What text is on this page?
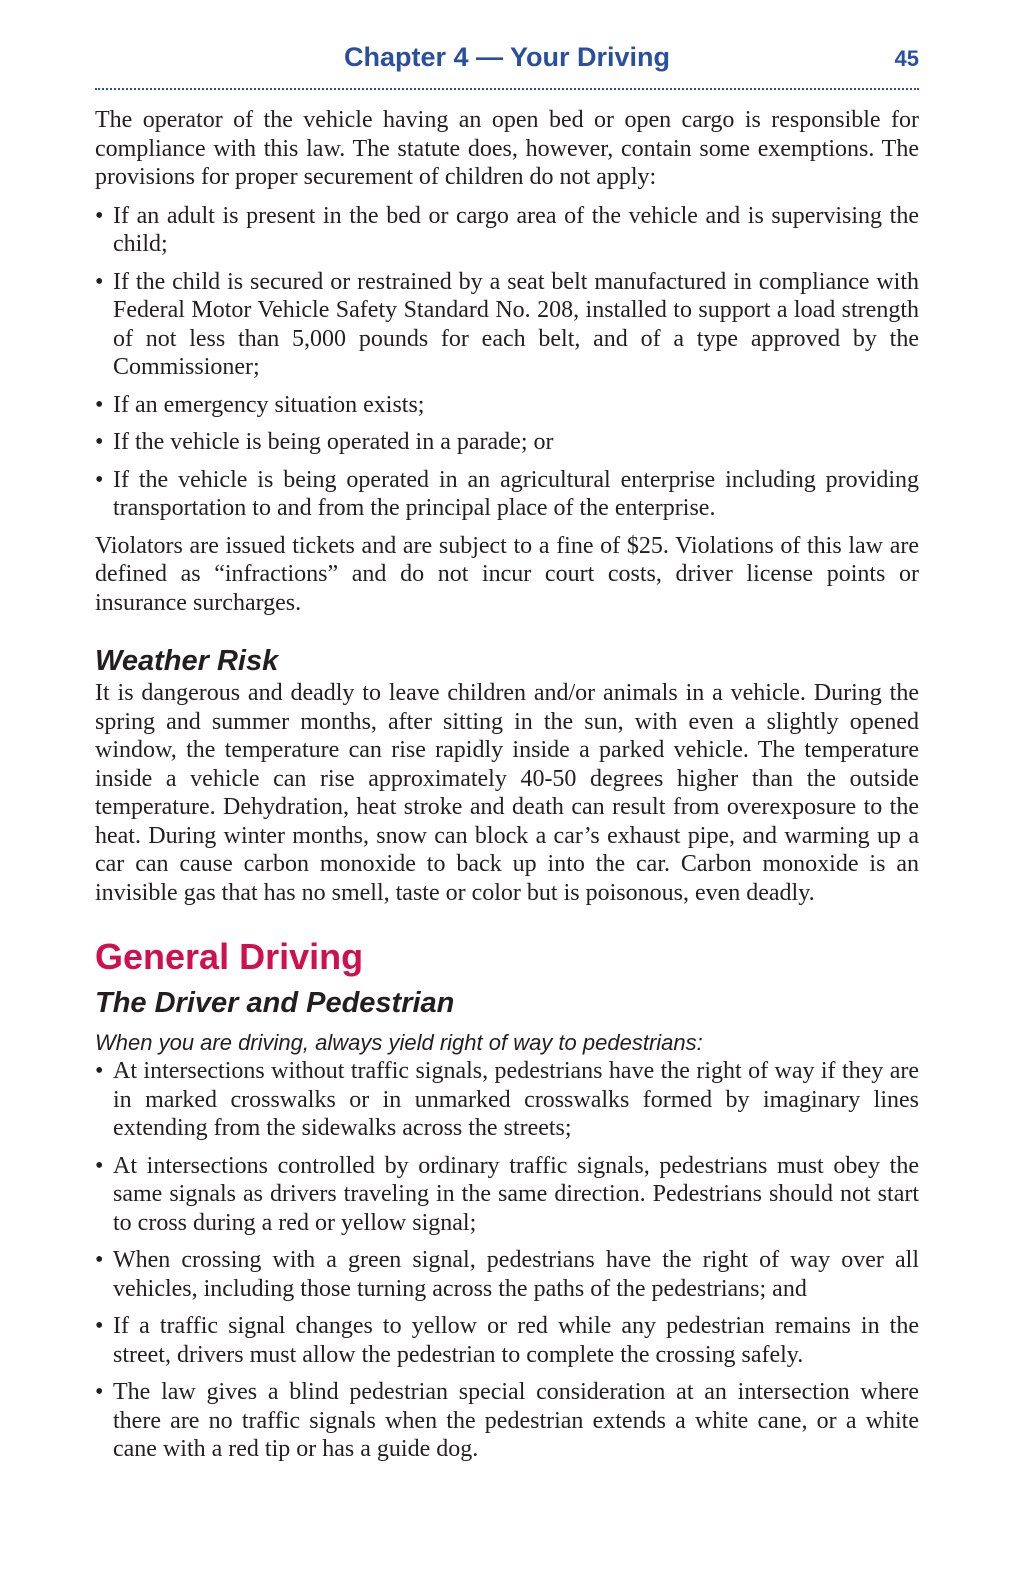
Chapter 4 — Your Driving	45

The operator of the vehicle having an open bed or open cargo is responsible for compliance with this law. The statute does, however, contain some exemptions. The provisions for proper securement of children do not apply:

• If an adult is present in the bed or cargo area of the vehicle and is supervising the child;
• If the child is secured or restrained by a seat belt manufactured in compliance with Federal Motor Vehicle Safety Standard No. 208, installed to support a load strength of not less than 5,000 pounds for each belt, and of a type approved by the Commissioner;
• If an emergency situation exists;
• If the vehicle is being operated in a parade; or
• If the vehicle is being operated in an agricultural enterprise including providing transportation to and from the principal place of the enterprise.

Violators are issued tickets and are subject to a fine of $25. Violations of this law are defined as “infractions” and do not incur court costs, driver license points or insurance surcharges.

Weather Risk

It is dangerous and deadly to leave children and/or animals in a vehicle. During the spring and summer months, after sitting in the sun, with even a slightly opened window, the temperature can rise rapidly inside a parked vehicle. The temperature inside a vehicle can rise approximately 40-50 degrees higher than the outside temperature. Dehydration, heat stroke and death can result from overexposure to the heat. During winter months, snow can block a car’s exhaust pipe, and warming up a car can cause carbon monoxide to back up into the car. Carbon monoxide is an invisible gas that has no smell, taste or color but is poisonous, even deadly.

General Driving
The Driver and Pedestrian

When you are driving, always yield right of way to pedestrians:

• At intersections without traffic signals, pedestrians have the right of way if they are in marked crosswalks or in unmarked crosswalks formed by imaginary lines extending from the sidewalks across the streets;
• At intersections controlled by ordinary traffic signals, pedestrians must obey the same signals as drivers traveling in the same direction. Pedestrians should not start to cross during a red or yellow signal;
• When crossing with a green signal, pedestrians have the right of way over all vehicles, including those turning across the paths of the pedestrians; and
• If a traffic signal changes to yellow or red while any pedestrian remains in the street, drivers must allow the pedestrian to complete the crossing safely.
• The law gives a blind pedestrian special consideration at an intersection where there are no traffic signals when the pedestrian extends a white cane, or a white cane with a red tip or has a guide dog.
